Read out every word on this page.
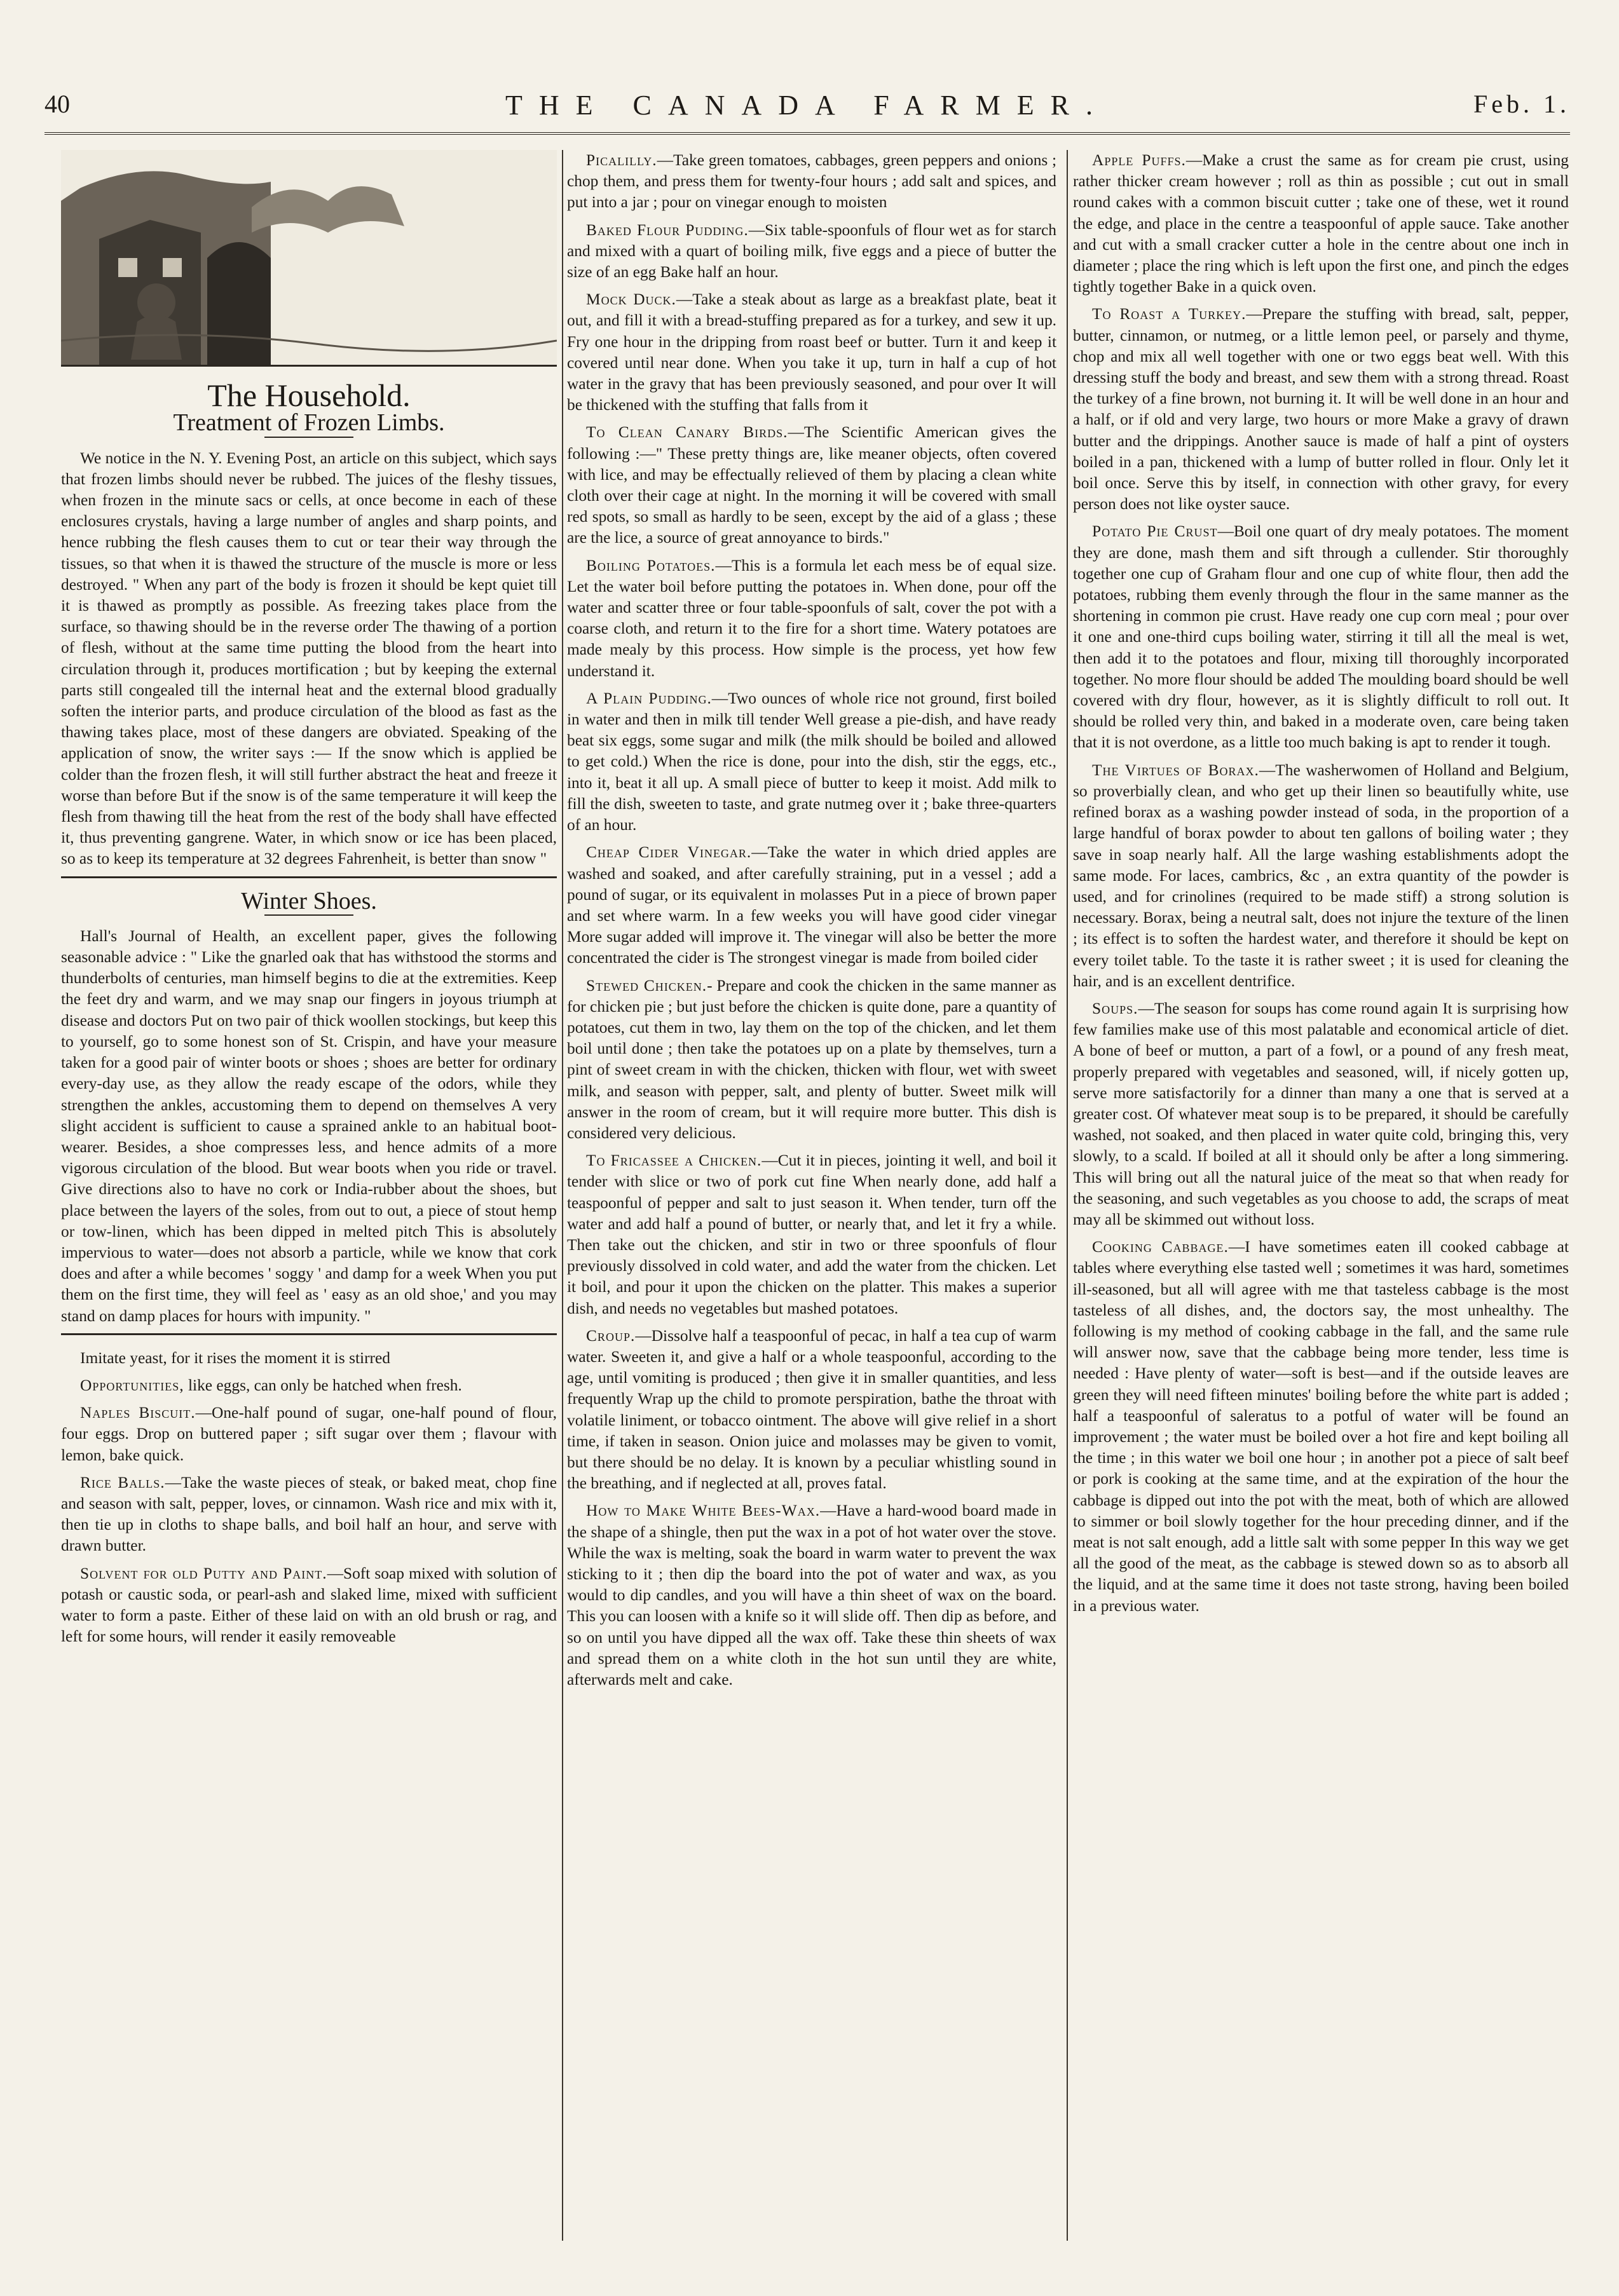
40	THE CANADA FARMER.	Feb. 1.
The Household.
Treatment of Frozen Limbs.

We notice in the N. Y. Evening Post, an article on this subject, which says that frozen limbs should never be rubbed. The juices of the fleshy tissues, when frozen in the minute sacs or cells, at once become in each of these enclosures crystals, having a large number of angles and sharp points, and hence rubbing the flesh causes them to cut or tear their way through the tissues, so that when it is thawed the structure of the muscle is more or less destroyed. " When any part of the body is frozen it should be kept quiet till it is thawed as promptly as possible. As freezing takes place from the surface, so thawing should be in the reverse order The thawing of a portion of flesh, without at the same time putting the blood from the heart into circulation through it, produces mortification ; but by keeping the external parts still congealed till the internal heat and the external blood gradually soften the interior parts, and produce circulation of the blood as fast as the thawing takes place, most of these dangers are obviated. Speaking of the application of snow, the writer says :— If the snow which is applied be colder than the frozen flesh, it will still further abstract the heat and freeze it worse than before But if the snow is of the same temperature it will keep the flesh from thawing till the heat from the rest of the body shall have effected it, thus preventing gangrene. Water, in which snow or ice has been placed, so as to keep its temperature at 32 degrees Fahrenheit, is better than snow "

Winter Shoes.

Hall's Journal of Health, an excellent paper, gives the following seasonable advice : " Like the gnarled oak that has withstood the storms and thunderbolts of centuries, man himself begins to die at the extremities. Keep the feet dry and warm, and we may snap our fingers in joyous triumph at disease and doctors Put on two pair of thick woollen stockings, but keep this to yourself, go to some honest son of St. Crispin, and have your measure taken for a good pair of winter boots or shoes ; shoes are better for ordinary every-day use, as they allow the ready escape of the odors, while they strengthen the ankles, accustoming them to depend on themselves A very slight accident is sufficient to cause a sprained ankle to an habitual boot-wearer. Besides, a shoe compresses less, and hence admits of a more vigorous circulation of the blood. But wear boots when you ride or travel. Give directions also to have no cork or India-rubber about the shoes, but place between the layers of the soles, from out to out, a piece of stout hemp or tow-linen, which has been dipped in melted pitch This is absolutely impervious to water—does not absorb a particle, while we know that cork does and after a while becomes ' soggy ' and damp for a week When you put them on the first time, they will feel as ' easy as an old shoe,' and you may stand on damp places for hours with impunity. "

Imitate yeast, for it rises the moment it is stirred

Opportunities, like eggs, can only be hatched when fresh.

Naples Biscuit.—One-half pound of sugar, one-half pound of flour, four eggs. Drop on buttered paper ; sift sugar over them ; flavour with lemon, bake quick.

Rice Balls.—Take the waste pieces of steak, or baked meat, chop fine and season with salt, pepper, loves, or cinnamon. Wash rice and mix with it, then tie up in cloths to shape balls, and boil half an hour, and serve with drawn butter.

Solvent for old Putty and Paint.—Soft soap mixed with solution of potash or caustic soda, or pearl-ash and slaked lime, mixed with sufficient water to form a paste. Either of these laid on with an old brush or rag, and left for some hours, will render it easily removeable

Picalilly.—Take green tomatoes, cabbages, green peppers and onions ; chop them, and press them for twenty-four hours ; add salt and spices, and put into a jar ; pour on vinegar enough to moisten

Baked Flour Pudding.—Six table-spoonfuls of flour wet as for starch and mixed with a quart of boiling milk, five eggs and a piece of butter the size of an egg Bake half an hour.

Mock Duck.—Take a steak about as large as a breakfast plate, beat it out, and fill it with a bread-stuffing prepared as for a turkey, and sew it up. Fry one hour in the dripping from roast beef or butter. Turn it and keep it covered until near done. When you take it up, turn in half a cup of hot water in the gravy that has been previously seasoned, and pour over It will be thickened with the stuffing that falls from it

To Clean Canary Birds.—The Scientific American gives the following :—" These pretty things are, like meaner objects, often covered with lice, and may be effectually relieved of them by placing a clean white cloth over their cage at night. In the morning it will be covered with small red spots, so small as hardly to be seen, except by the aid of a glass ; these are the lice, a source of great annoyance to birds."

Boiling Potatoes.—This is a formula let each mess be of equal size. Let the water boil before putting the potatoes in. When done, pour off the water and scatter three or four table-spoonfuls of salt, cover the pot with a coarse cloth, and return it to the fire for a short time. Watery potatoes are made mealy by this process. How simple is the process, yet how few understand it.

A Plain Pudding.—Two ounces of whole rice not ground, first boiled in water and then in milk till tender Well grease a pie-dish, and have ready beat six eggs, some sugar and milk (the milk should be boiled and allowed to get cold.) When the rice is done, pour into the dish, stir the eggs, etc., into it, beat it all up. A small piece of butter to keep it moist. Add milk to fill the dish, sweeten to taste, and grate nutmeg over it ; bake three-quarters of an hour.

Cheap Cider Vinegar.—Take the water in which dried apples are washed and soaked, and after carefully straining, put in a vessel ; add a pound of sugar, or its equivalent in molasses Put in a piece of brown paper and set where warm. In a few weeks you will have good cider vinegar More sugar added will improve it. The vinegar will also be better the more concentrated the cider is The strongest vinegar is made from boiled cider

Stewed Chicken.- Prepare and cook the chicken in the same manner as for chicken pie ; but just before the chicken is quite done, pare a quantity of potatoes, cut them in two, lay them on the top of the chicken, and let them boil until done ; then take the potatoes up on a plate by themselves, turn a pint of sweet cream in with the chicken, thicken with flour, wet with sweet milk, and season with pepper, salt, and plenty of butter. Sweet milk will answer in the room of cream, but it will require more butter. This dish is considered very delicious.

To Fricassee a Chicken.—Cut it in pieces, jointing it well, and boil it tender with slice or two of pork cut fine When nearly done, add half a teaspoonful of pepper and salt to just season it. When tender, turn off the water and add half a pound of butter, or nearly that, and let it fry a while. Then take out the chicken, and stir in two or three spoonfuls of flour previously dissolved in cold water, and add the water from the chicken. Let it boil, and pour it upon the chicken on the platter. This makes a superior dish, and needs no vegetables but mashed potatoes.

Croup.—Dissolve half a teaspoonful of pecac, in half a tea cup of warm water. Sweeten it, and give a half or a whole teaspoonful, according to the age, until vomiting is produced ; then give it in smaller quantities, and less frequently Wrap up the child to promote perspiration, bathe the throat with volatile liniment, or tobacco ointment. The above will give relief in a short time, if taken in season. Onion juice and molasses may be given to vomit, but there should be no delay. It is known by a peculiar whistling sound in the breathing, and if neglected at all, proves fatal.

How to Make White Bees-Wax.—Have a hard-wood board made in the shape of a shingle, then put the wax in a pot of hot water over the stove. While the wax is melting, soak the board in warm water to prevent the wax sticking to it ; then dip the board into the pot of water and wax, as you would to dip candles, and you will have a thin sheet of wax on the board. This you can loosen with a knife so it will slide off. Then dip as before, and so on until you have dipped all the wax off. Take these thin sheets of wax and spread them on a white cloth in the hot sun until they are white, afterwards melt and cake.

Apple Puffs.—Make a crust the same as for cream pie crust, using rather thicker cream however ; roll as thin as possible ; cut out in small round cakes with a common biscuit cutter ; take one of these, wet it round the edge, and place in the centre a teaspoonful of apple sauce. Take another and cut with a small cracker cutter a hole in the centre about one inch in diameter ; place the ring which is left upon the first one, and pinch the edges tightly together Bake in a quick oven.

To Roast a Turkey.—Prepare the stuffing with bread, salt, pepper, butter, cinnamon, or nutmeg, or a little lemon peel, or parsely and thyme, chop and mix all well together with one or two eggs beat well. With this dressing stuff the body and breast, and sew them with a strong thread. Roast the turkey of a fine brown, not burning it. It will be well done in an hour and a half, or if old and very large, two hours or more Make a gravy of drawn butter and the drippings. Another sauce is made of half a pint of oysters boiled in a pan, thickened with a lump of butter rolled in flour. Only let it boil once. Serve this by itself, in connection with other gravy, for every person does not like oyster sauce.

Potato Pie Crust—Boil one quart of dry mealy potatoes. The moment they are done, mash them and sift through a cullender. Stir thoroughly together one cup of Graham flour and one cup of white flour, then add the potatoes, rubbing them evenly through the flour in the same manner as the shortening in common pie crust. Have ready one cup corn meal ; pour over it one and one-third cups boiling water, stirring it till all the meal is wet, then add it to the potatoes and flour, mixing till thoroughly incorporated together. No more flour should be added The moulding board should be well covered with dry flour, however, as it is slightly difficult to roll out. It should be rolled very thin, and baked in a moderate oven, care being taken that it is not overdone, as a little too much baking is apt to render it tough.

The Virtues of Borax.—The washerwomen of Holland and Belgium, so proverbially clean, and who get up their linen so beautifully white, use refined borax as a washing powder instead of soda, in the proportion of a large handful of borax powder to about ten gallons of boiling water ; they save in soap nearly half. All the large washing establishments adopt the same mode. For laces, cambrics, &c , an extra quantity of the powder is used, and for crinolines (required to be made stiff) a strong solution is necessary. Borax, being a neutral salt, does not injure the texture of the linen ; its effect is to soften the hardest water, and therefore it should be kept on every toilet table. To the taste it is rather sweet ; it is used for cleaning the hair, and is an excellent dentrifice.

Soups.—The season for soups has come round again It is surprising how few families make use of this most palatable and economical article of diet. A bone of beef or mutton, a part of a fowl, or a pound of any fresh meat, properly prepared with vegetables and seasoned, will, if nicely gotten up, serve more satisfactorily for a dinner than many a one that is served at a greater cost. Of whatever meat soup is to be prepared, it should be carefully washed, not soaked, and then placed in water quite cold, bringing this, very slowly, to a scald. If boiled at all it should only be after a long simmering. This will bring out all the natural juice of the meat so that when ready for the seasoning, and such vegetables as you choose to add, the scraps of meat may all be skimmed out without loss.

Cooking Cabbage.—I have sometimes eaten ill cooked cabbage at tables where everything else tasted well ; sometimes it was hard, sometimes ill-seasoned, but all will agree with me that tasteless cabbage is the most tasteless of all dishes, and, the doctors say, the most unhealthy. The following is my method of cooking cabbage in the fall, and the same rule will answer now, save that the cabbage being more tender, less time is needed : Have plenty of water—soft is best—and if the outside leaves are green they will need fifteen minutes' boiling before the white part is added ; half a teaspoonful of saleratus to a potful of water will be found an improvement ; the water must be boiled over a hot fire and kept boiling all the time ; in this water we boil one hour ; in another pot a piece of salt beef or pork is cooking at the same time, and at the expiration of the hour the cabbage is dipped out into the pot with the meat, both of which are allowed to simmer or boil slowly together for the hour preceding dinner, and if the meat is not salt enough, add a little salt with some pepper In this way we get all the good of the meat, as the cabbage is stewed down so as to absorb all the liquid, and at the same time it does not taste strong, having been boiled in a previous water.
